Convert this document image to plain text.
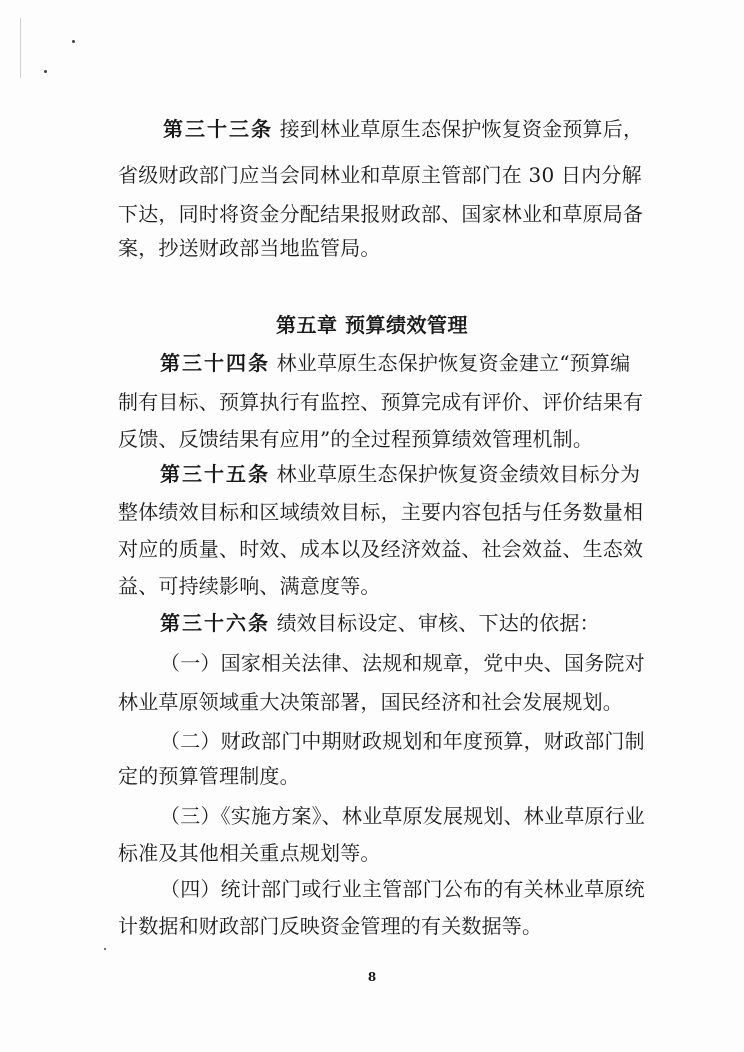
第三十三条 接到林业草原生态保护恢复资金预算后，
省级财政部门应当会同林业和草原主管部门在 30 日内分解
下达，同时将资金分配结果报财政部、国家林业和草原局备
案，抄送财政部当地监管局。
第五章 预算绩效管理
第三十四条 林业草原生态保护恢复资金建立“预算编
制有目标、预算执行有监控、预算完成有评价、评价结果有
反馈、反馈结果有应用”的全过程预算绩效管理机制。
第三十五条 林业草原生态保护恢复资金绩效目标分为
整体绩效目标和区域绩效目标，主要内容包括与任务数量相
对应的质量、时效、成本以及经济效益、社会效益、生态效
益、可持续影响、满意度等。
第三十六条 绩效目标设定、审核、下达的依据：
（一）国家相关法律、法规和规章，党中央、国务院对
林业草原领域重大决策部署，国民经济和社会发展规划。
（二）财政部门中期财政规划和年度预算，财政部门制
定的预算管理制度。
（三）《实施方案》、林业草原发展规划、林业草原行业
标准及其他相关重点规划等。
（四）统计部门或行业主管部门公布的有关林业草原统
计数据和财政部门反映资金管理的有关数据等。
8
